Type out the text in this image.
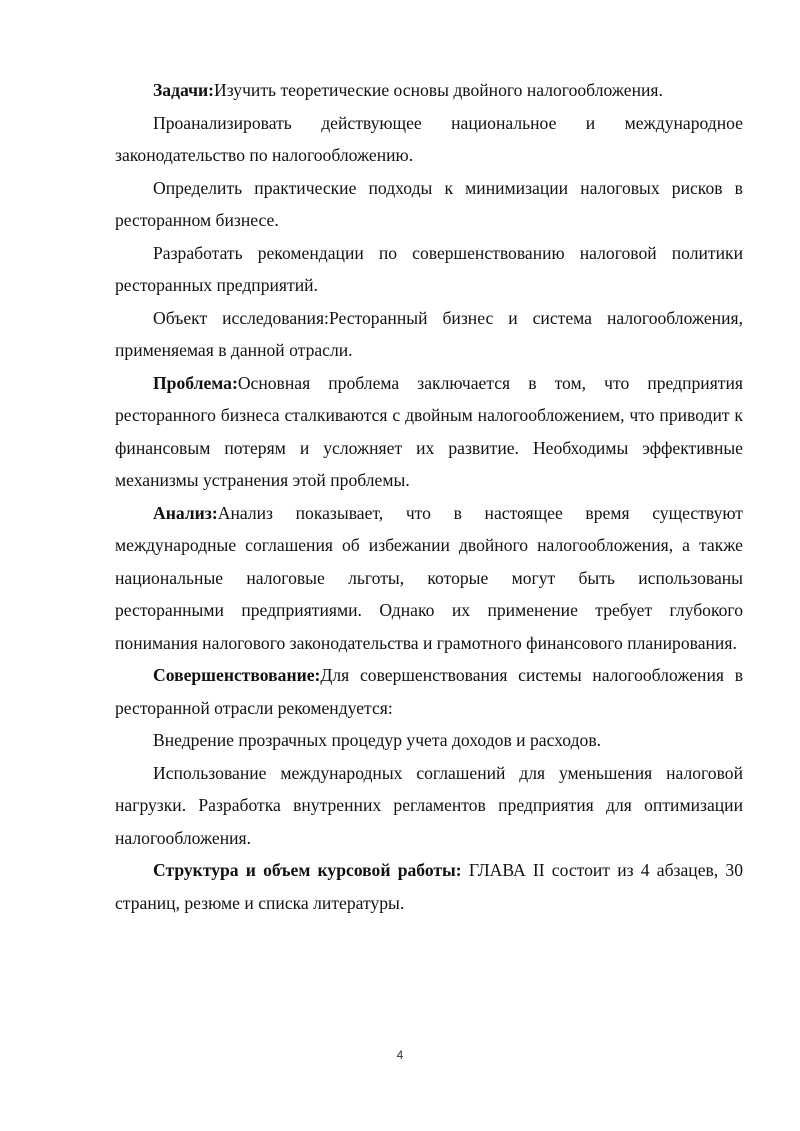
Задачи:Изучить теоретические основы двойного налогообложения.

Проанализировать действующее национальное и международное законодательство по налогообложению.

Определить практические подходы к минимизации налоговых рисков в ресторанном бизнесе.

Разработать рекомендации по совершенствованию налоговой политики ресторанных предприятий.

Объект исследования:Ресторанный бизнес и система налогообложения, применяемая в данной отрасли.

Проблема:Основная проблема заключается в том, что предприятия ресторанного бизнеса сталкиваются с двойным налогообложением, что приводит к финансовым потерям и усложняет их развитие. Необходимы эффективные механизмы устранения этой проблемы.

Анализ:Анализ показывает, что в настоящее время существуют международные соглашения об избежании двойного налогообложения, а также национальные налоговые льготы, которые могут быть использованы ресторанными предприятиями. Однако их применение требует глубокого понимания налогового законодательства и грамотного финансового планирования.

Совершенствование:Для совершенствования системы налогообложения в ресторанной отрасли рекомендуется:

Внедрение прозрачных процедур учета доходов и расходов.

Использование международных соглашений для уменьшения налоговой нагрузки. Разработка внутренних регламентов предприятия для оптимизации налогообложения.

Структура и объем курсовой работы: ГЛАВА II состоит из 4 абзацев, 30 страниц, резюме и списка литературы.

4
